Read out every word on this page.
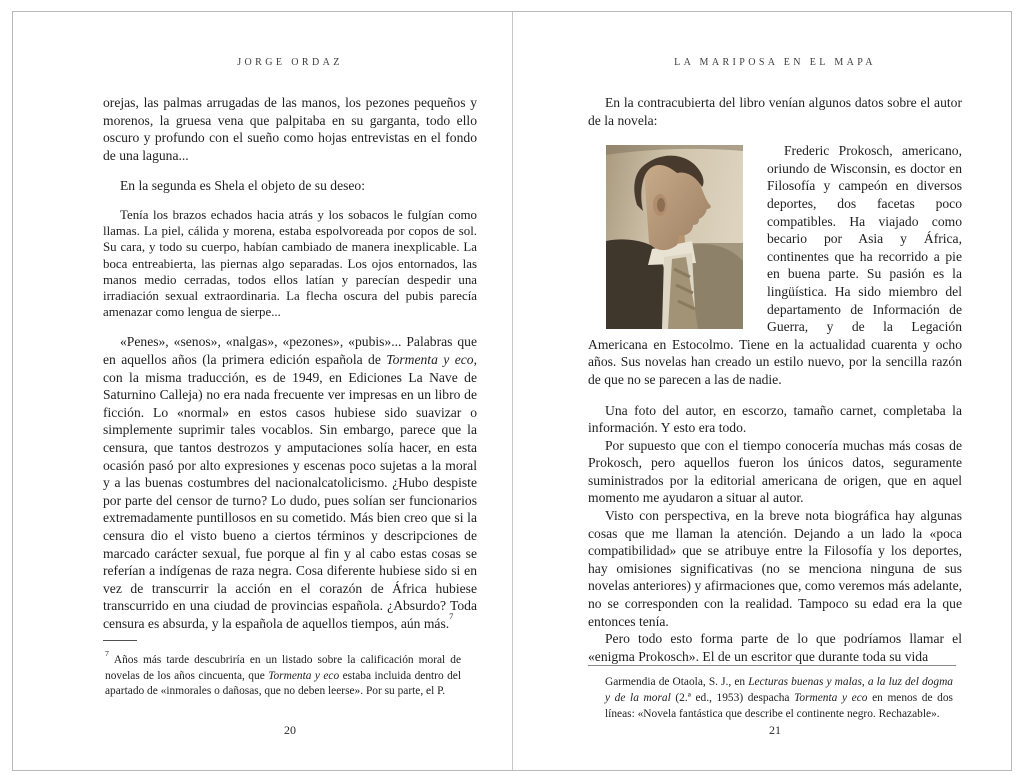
JORGE ORDAZ

orejas, las palmas arrugadas de las manos, los pezones pequeños y morenos, la gruesa vena que palpitaba en su garganta, todo ello oscuro y profundo con el sueño como hojas entrevistas en el fondo de una laguna...

En la segunda es Shela el objeto de su deseo:

Tenía los brazos echados hacia atrás y los sobacos le fulgían como llamas. La piel, cálida y morena, estaba espolvoreada por copos de sol. Su cara, y todo su cuerpo, habían cambiado de manera inexplicable. La boca entreabierta, las piernas algo separadas. Los ojos entornados, las manos medio cerradas, todos ellos latían y parecían despedir una irradiación sexual extraordinaria. La flecha oscura del pubis parecía amenazar como lengua de sierpe...

«Penes», «senos», «nalgas», «pezones», «pubis»... Palabras que en aquellos años (la primera edición española de Tormenta y eco, con la misma traducción, es de 1949, en Ediciones La Nave de Saturnino Calleja) no era nada frecuente ver impresas en un libro de ficción. Lo «normal» en estos casos hubiese sido suavizar o simplemente suprimir tales vocablos. Sin embargo, parece que la censura, que tantos destrozos y amputaciones solía hacer, en esta ocasión pasó por alto expresiones y escenas poco sujetas a la moral y a las buenas costumbres del nacionalcatolicismo. ¿Hubo despiste por parte del censor de turno? Lo dudo, pues solían ser funcionarios extremadamente puntillosos en su cometido. Más bien creo que si la censura dio el visto bueno a ciertos términos y descripciones de marcado carácter sexual, fue porque al fin y al cabo estas cosas se referían a indígenas de raza negra. Cosa diferente hubiese sido si en vez de transcurrir la acción en el corazón de África hubiese transcurrido en una ciudad de provincias española. ¿Absurdo? Toda censura es absurda, y la española de aquellos tiempos, aún más.$^7$

$^7$Años más tarde descubriría en un listado sobre la calificación moral de novelas de los años cincuenta, que Tormenta y eco estaba incluida dentro del apartado de «inmorales o dañosas, que no deben leerse». Por su parte, el P.

20
LA MARIPOSA EN EL MAPA

En la contracubierta del libro venían algunos datos sobre el autor de la novela:

Frederic Prokosch, americano, oriundo de Wisconsin, es doctor en Filosofía y campeón en diversos deportes, dos facetas poco compatibles. Ha viajado como becario por Asia y África, continentes que ha recorrido a pie en buena parte. Su pasión es la lingüística. Ha sido miembro del departamento de Información de Guerra, y de la Legación Americana en Estocolmo. Tiene en la actualidad cuarenta y ocho años. Sus novelas han creado un estilo nuevo, por la sencilla razón de que no se parecen a las de nadie.

Una foto del autor, en escorzo, tamaño carnet, completaba la información. Y esto era todo.

Por supuesto que con el tiempo conocería muchas más cosas de Prokosch, pero aquellos fueron los únicos datos, seguramente suministrados por la editorial americana de origen, que en aquel momento me ayudaron a situar al autor.

Visto con perspectiva, en la breve nota biográfica hay algunas cosas que me llaman la atención. Dejando a un lado la «poca compatibilidad» que se atribuye entre la Filosofía y los deportes, hay omisiones significativas (no se menciona ninguna de sus novelas anteriores) y afirmaciones que, como veremos más adelante, no se corresponden con la realidad. Tampoco su edad era la que entonces tenía.

Pero todo esto forma parte de lo que podríamos llamar el «enigma Prokosch». El de un escritor que durante toda su vida

Garmendia de Otaola, S. J., en Lecturas buenas y malas, a la luz del dogma y de la moral (2.ª ed., 1953) despacha Tormenta y eco en menos de dos líneas: «Novela fantástica que describe el continente negro. Rechazable».

21
